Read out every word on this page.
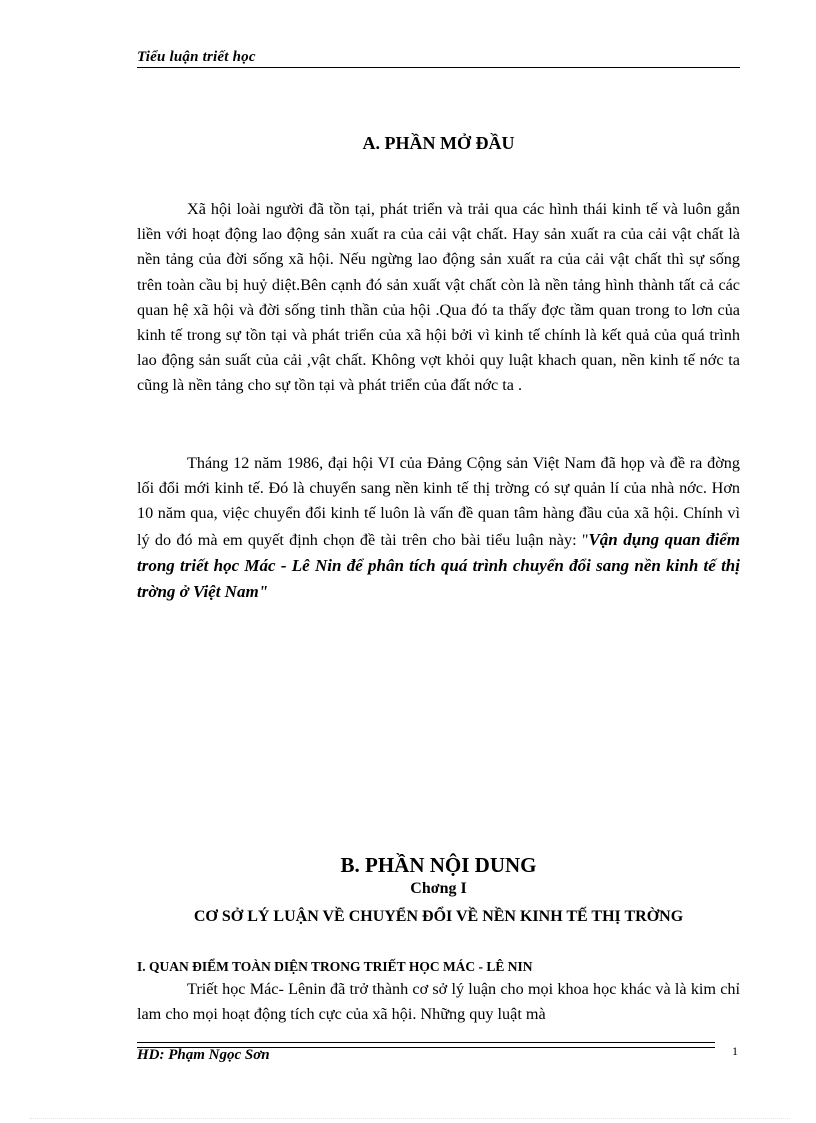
Tiểu luận triết học
A. PHẦN MỞ ĐẦU

Xã hội loài người đã tồn tại, phát triển và trải qua các hình thái kinh tế và luôn gắn liền với hoạt động lao động sản xuất ra của cải vật chất. Hay sản xuất ra của cải vật chất là nền tảng của đời sống xã hội. Nếu ngừng lao động sản xuất ra của cải vật chất thì sự sống trên toàn cầu bị huỷ diệt.Bên cạnh đó sản xuất vật chất còn là nền tảng hình thành tất cả các quan hệ xã hội và đời sống tinh thần của hội .Qua đó ta thấy đợc tầm quan trong to lơn của kinh tế trong sự tồn tại và phát triển của xã hội bởi vì kinh tế chính là kết quả của quá trình lao động sản suất của cải ,vật chất. Không vợt khỏi quy luật khach quan, nền kinh tế nớc ta cũng là nền tảng cho sự tồn tại và phát triển của đất nớc ta .

Tháng 12 năm 1986, đại hội VI của Đảng Cộng sản Việt Nam đã họp và đề ra đờng lối đổi mới kinh tế. Đó là chuyển sang nền kinh tế thị trờng có sự quản lí của nhà nớc. Hơn 10 năm qua, việc chuyển đổi kinh tế luôn là vấn đề quan tâm hàng đầu của xã hội. Chính vì lý do đó mà em quyết định chọn đề tài trên cho bài tiểu luận này: "Vận dụng quan điểm trong triết học Mác - Lê Nin để phân tích quá trình chuyển đổi sang nền kinh tế thị trờng ở Việt Nam"

B. PHẦN NỘI DUNG
Chơng I
CƠ SỞ LÝ LUẬN VỀ CHUYỂN ĐỔI VỀ NỀN KINH TẾ THỊ TRỜNG
I. QUAN ĐIỂM TOÀN DIỆN TRONG TRIẾT HỌC MÁC - LÊ NIN

Triết học Mác- Lênin đã trở thành cơ sở lý luận cho mọi khoa học khác và là kim chỉ lam cho mọi hoạt động tích cực của xã hội. Những quy luật mà

HD: Phạm Ngọc Sơn	1
